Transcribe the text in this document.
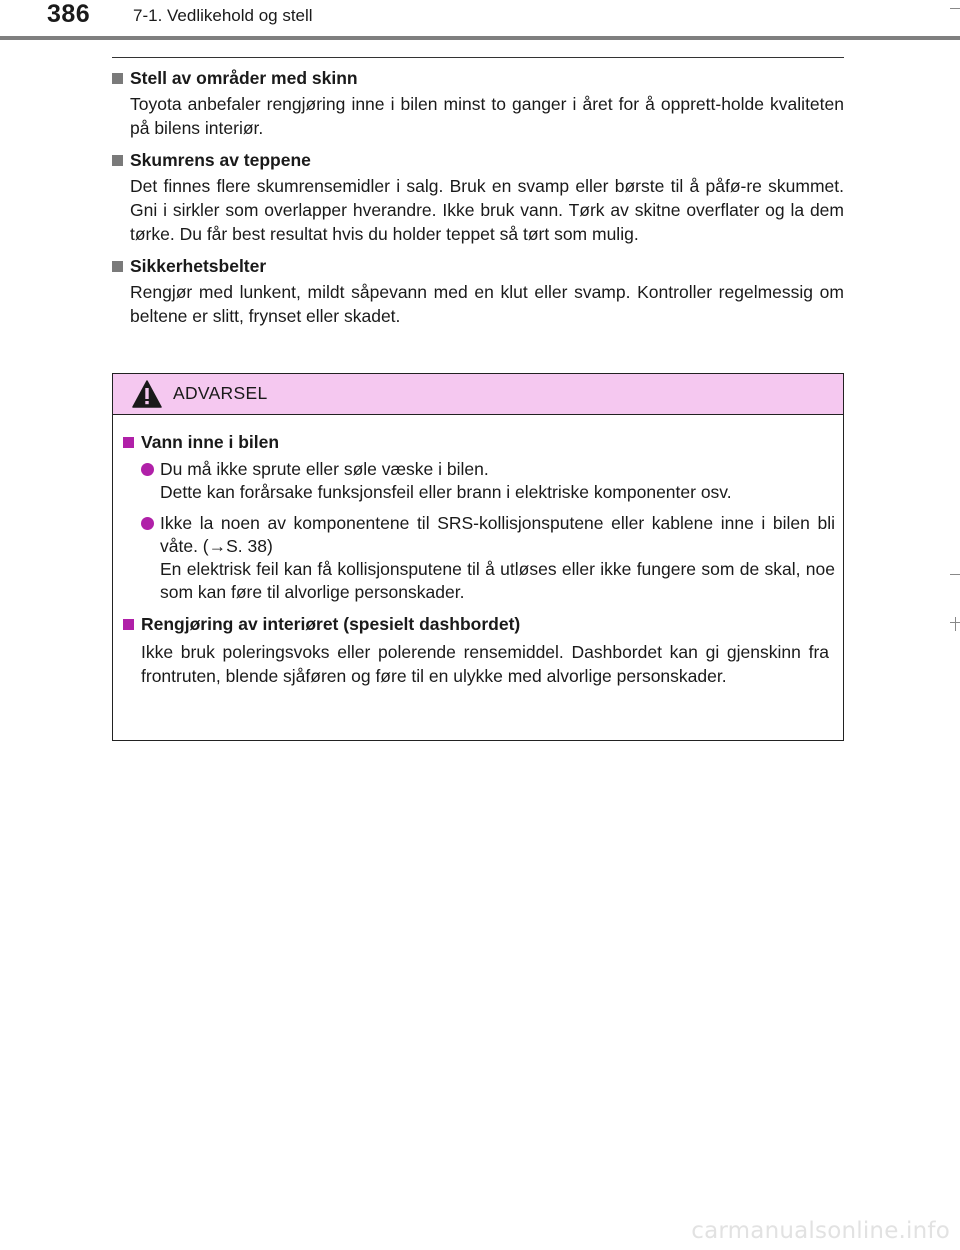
386	7-1. Vedlikehold og stell
Stell av områder med skinn
Toyota anbefaler rengjøring inne i bilen minst to ganger i året for å opprett-holde kvaliteten på bilens interiør.
Skumrens av teppene
Det finnes flere skumrensemidler i salg. Bruk en svamp eller børste til å påfø-re skummet. Gni i sirkler som overlapper hverandre. Ikke bruk vann. Tørk av skitne overflater og la dem tørke. Du får best resultat hvis du holder teppet så tørt som mulig.
Sikkerhetsbelter
Rengjør med lunkent, mildt såpevann med en klut eller svamp. Kontroller regelmessig om beltene er slitt, frynset eller skadet.
ADVARSEL
Vann inne i bilen
Du må ikke sprute eller søle væske i bilen.
Dette kan forårsake funksjonsfeil eller brann i elektriske komponenter osv.
Ikke la noen av komponentene til SRS-kollisjonsputene eller kablene inne i bilen bli våte. (→S. 38)
En elektrisk feil kan få kollisjonsputene til å utløses eller ikke fungere som de skal, noe som kan føre til alvorlige personskader.
Rengjøring av interiøret (spesielt dashbordet)
Ikke bruk poleringsvoks eller polerende rensemiddel. Dashbordet kan gi gjenskinn fra frontruten, blende sjåføren og føre til en ulykke med alvorlige personskader.
carmanualsonline.info
